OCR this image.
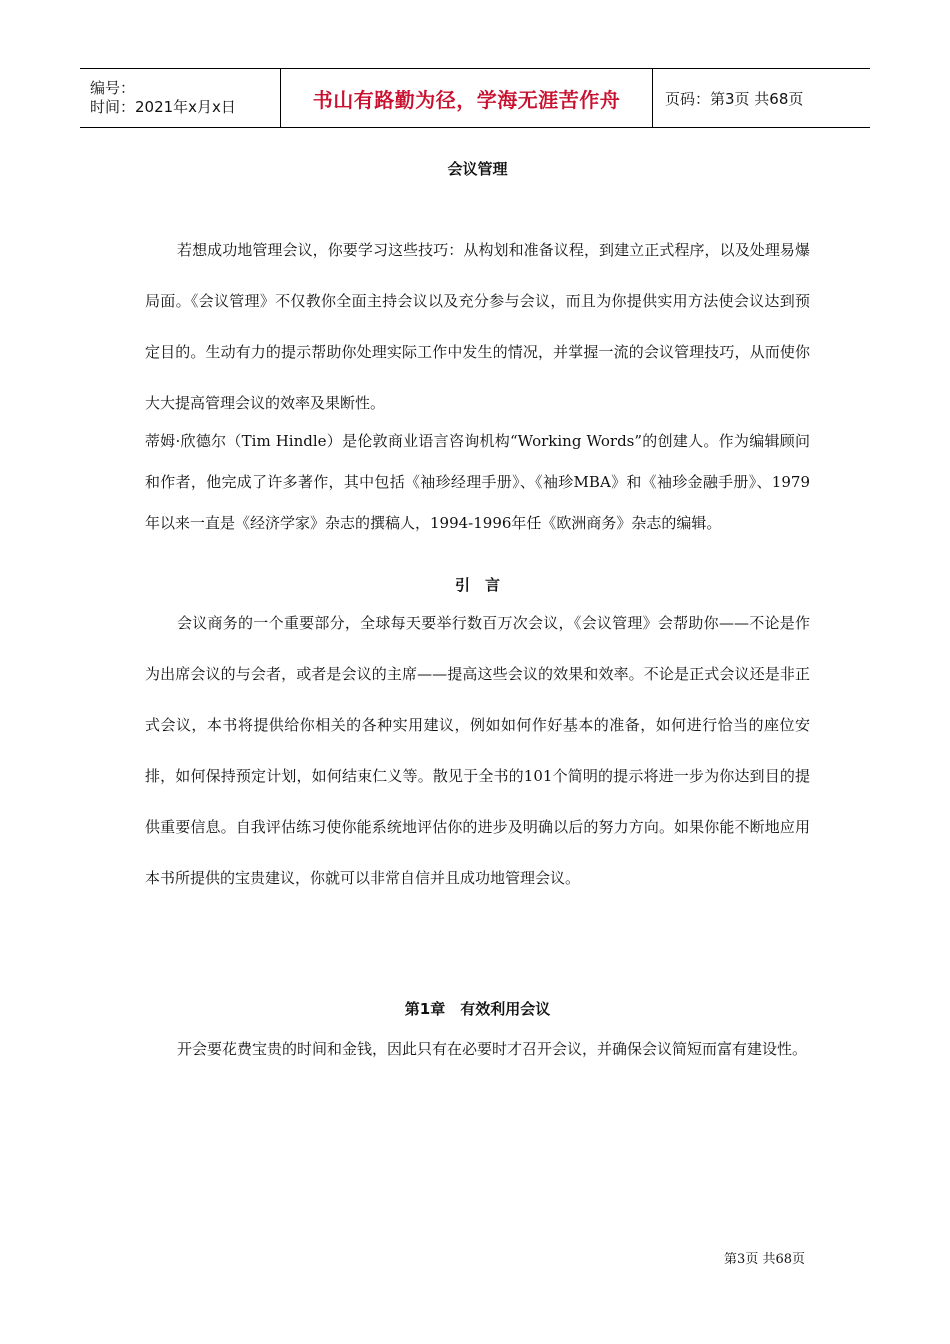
编号：
时间：2021年x月x日	书山有路勤为径，学海无涯苦作舟	页码：第3页 共68页
会议管理

若想成功地管理会议，你要学习这些技巧：从构划和准备议程，到建立正式程序，以及处理易爆局面。《会议管理》不仅教你全面主持会议以及充分参与会议，而且为你提供实用方法使会议达到预定目的。生动有力的提示帮助你处理实际工作中发生的情况，并掌握一流的会议管理技巧，从而使你大大提高管理会议的效率及果断性。

蒂姆·欣德尔（Tim Hindle）是伦敦商业语言咨询机构“Working Words”的创建人。作为编辑顾问和作者，他完成了许多著作，其中包括《袖珍经理手册》、《袖珍MBA》和《袖珍金融手册》、1979年以来一直是《经济学家》杂志的撰稿人，1994-1996年任《欧洲商务》杂志的编辑。

引　言

会议商务的一个重要部分，全球每天要举行数百万次会议，《会议管理》会帮助你——不论是作为出席会议的与会者，或者是会议的主席——提高这些会议的效果和效率。不论是正式会议还是非正式会议，本书将提供给你相关的各种实用建议，例如如何作好基本的准备，如何进行恰当的座位安排，如何保持预定计划，如何结束仁义等。散见于全书的101个简明的提示将进一步为你达到目的提供重要信息。自我评估练习使你能系统地评估你的进步及明确以后的努力方向。如果你能不断地应用本书所提供的宝贵建议，你就可以非常自信并且成功地管理会议。

第1章　有效利用会议

开会要花费宝贵的时间和金钱，因此只有在必要时才召开会议，并确保会议简短而富有建设性。

第3页 共68页
